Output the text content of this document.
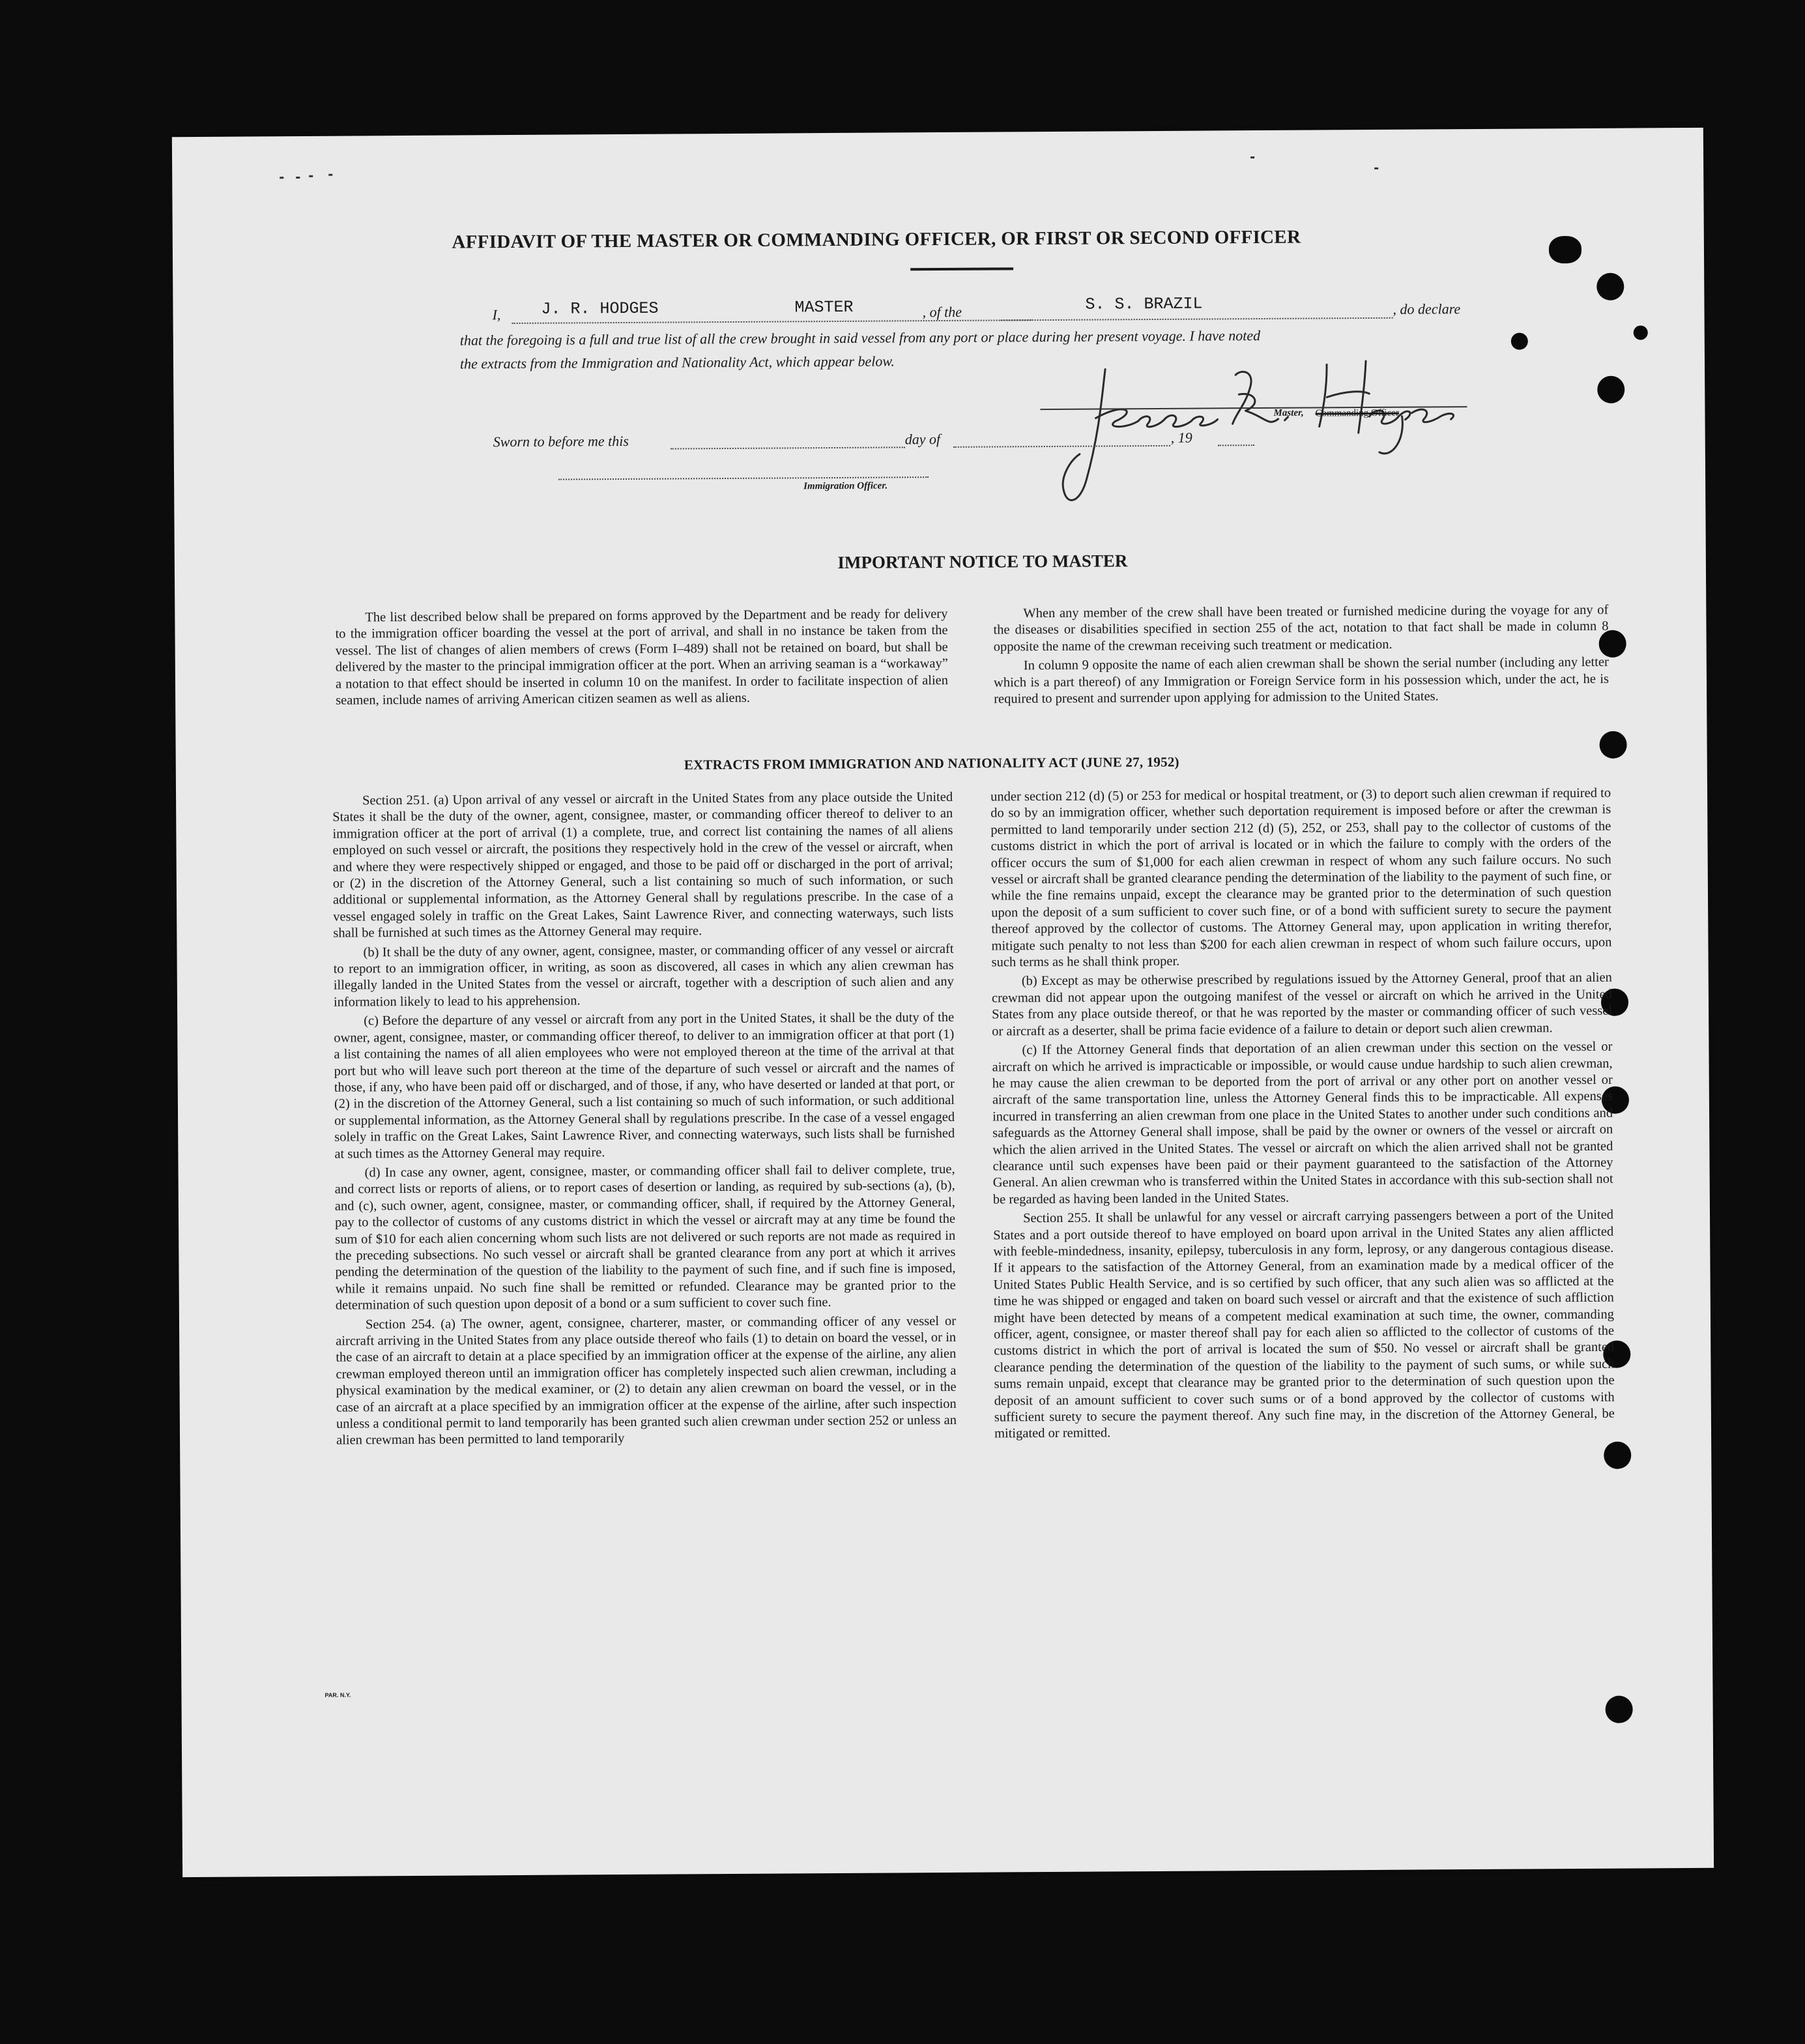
AFFIDAVIT OF THE MASTER OR COMMANDING OFFICER, OR FIRST OR SECOND OFFICER
I, J. R. HODGES	MASTER	, of the	S. S. BRAZIL	, do declare
that the foregoing is a full and true list of all the crew brought in said vessel from any port or place during her present voyage. I have noted
the extracts from the Immigration and Nationality Act, which appear below.
Master, Commanding Officer
Sworn to before me this	day of	, 19
Immigration Officer.
IMPORTANT NOTICE TO MASTER

The list described below shall be prepared on forms approved by the Department and be ready for delivery to the immigration officer boarding the vessel at the port of arrival, and shall in no instance be taken from the vessel. The list of changes of alien members of crews (Form I–489) shall not be retained on board, but shall be delivered by the master to the principal immigration officer at the port. When an arriving seaman is a “workaway” a notation to that effect should be inserted in column 10 on the manifest. In order to facilitate inspection of alien seamen, include names of arriving American citizen seamen as well as aliens.

When any member of the crew shall have been treated or furnished medicine during the voyage for any of the diseases or disabilities specified in section 255 of the act, notation to that fact shall be made in column 8 opposite the name of the crewman receiving such treatment or medication.

In column 9 opposite the name of each alien crewman shall be shown the serial number (including any letter which is a part thereof) of any Immigration or Foreign Service form in his possession which, under the act, he is required to present and surrender upon applying for admission to the United States.

EXTRACTS FROM IMMIGRATION AND NATIONALITY ACT (JUNE 27, 1952)

Section 251. (a) Upon arrival of any vessel or aircraft in the United States from any place outside the United States it shall be the duty of the owner, agent, consignee, master, or commanding officer thereof to deliver to an immigration officer at the port of arrival (1) a complete, true, and correct list containing the names of all aliens employed on such vessel or aircraft, the positions they respectively hold in the crew of the vessel or aircraft, when and where they were respectively shipped or engaged, and those to be paid off or discharged in the port of arrival; or (2) in the discretion of the Attorney General, such a list containing so much of such information, or such additional or supplemental information, as the Attorney General shall by regulations prescribe. In the case of a vessel engaged solely in traffic on the Great Lakes, Saint Lawrence River, and connecting waterways, such lists shall be furnished at such times as the Attorney General may require.

(b) It shall be the duty of any owner, agent, consignee, master, or commanding officer of any vessel or aircraft to report to an immigration officer, in writing, as soon as discovered, all cases in which any alien crewman has illegally landed in the United States from the vessel or aircraft, together with a description of such alien and any information likely to lead to his apprehension.

(c) Before the departure of any vessel or aircraft from any port in the United States, it shall be the duty of the owner, agent, consignee, master, or commanding officer thereof, to deliver to an immigration officer at that port (1) a list containing the names of all alien employees who were not employed thereon at the time of the arrival at that port but who will leave such port thereon at the time of the departure of such vessel or aircraft and the names of those, if any, who have been paid off or discharged, and of those, if any, who have deserted or landed at that port, or (2) in the discretion of the Attorney General, such a list containing so much of such information, or such additional or supplemental information, as the Attorney General shall by regulations prescribe. In the case of a vessel engaged solely in traffic on the Great Lakes, Saint Lawrence River, and connecting waterways, such lists shall be furnished at such times as the Attorney General may require.

(d) In case any owner, agent, consignee, master, or commanding officer shall fail to deliver complete, true, and correct lists or reports of aliens, or to report cases of desertion or landing, as required by sub-sections (a), (b), and (c), such owner, agent, consignee, master, or commanding officer, shall, if required by the Attorney General, pay to the collector of customs of any customs district in which the vessel or aircraft may at any time be found the sum of $10 for each alien concerning whom such lists are not delivered or such reports are not made as required in the preceding subsections. No such vessel or aircraft shall be granted clearance from any port at which it arrives pending the determination of the question of the liability to the payment of such fine, and if such fine is imposed, while it remains unpaid. No such fine shall be remitted or refunded. Clearance may be granted prior to the determination of such question upon deposit of a bond or a sum sufficient to cover such fine.

Section 254. (a) The owner, agent, consignee, charterer, master, or commanding officer of any vessel or aircraft arriving in the United States from any place outside thereof who fails (1) to detain on board the vessel, or in the case of an aircraft to detain at a place specified by an immigration officer at the expense of the airline, any alien crewman employed thereon until an immigration officer has completely inspected such alien crewman, including a physical examination by the medical examiner, or (2) to detain any alien crewman on board the vessel, or in the case of an aircraft at a place specified by an immigration officer at the expense of the airline, after such inspection unless a conditional permit to land temporarily has been granted such alien crewman under section 252 or unless an alien crewman has been permitted to land temporarily

under section 212 (d) (5) or 253 for medical or hospital treatment, or (3) to deport such alien crewman if required to do so by an immigration officer, whether such deportation requirement is imposed before or after the crewman is permitted to land temporarily under section 212 (d) (5), 252, or 253, shall pay to the collector of customs of the customs district in which the port of arrival is located or in which the failure to comply with the orders of the officer occurs the sum of $1,000 for each alien crewman in respect of whom any such failure occurs. No such vessel or aircraft shall be granted clearance pending the determination of the liability to the payment of such fine, or while the fine remains unpaid, except the clearance may be granted prior to the determination of such question upon the deposit of a sum sufficient to cover such fine, or of a bond with sufficient surety to secure the payment thereof approved by the collector of customs. The Attorney General may, upon application in writing therefor, mitigate such penalty to not less than $200 for each alien crewman in respect of whom such failure occurs, upon such terms as he shall think proper.

(b) Except as may be otherwise prescribed by regulations issued by the Attorney General, proof that an alien crewman did not appear upon the outgoing manifest of the vessel or aircraft on which he arrived in the United States from any place outside thereof, or that he was reported by the master or commanding officer of such vessel or aircraft as a deserter, shall be prima facie evidence of a failure to detain or deport such alien crewman.

(c) If the Attorney General finds that deportation of an alien crewman under this section on the vessel or aircraft on which he arrived is impracticable or impossible, or would cause undue hardship to such alien crewman, he may cause the alien crewman to be deported from the port of arrival or any other port on another vessel or aircraft of the same transportation line, unless the Attorney General finds this to be impracticable. All expenses incurred in transferring an alien crewman from one place in the United States to another under such conditions and safeguards as the Attorney General shall impose, shall be paid by the owner or owners of the vessel or aircraft on which the alien arrived in the United States. The vessel or aircraft on which the alien arrived shall not be granted clearance until such expenses have been paid or their payment guaranteed to the satisfaction of the Attorney General. An alien crewman who is transferred within the United States in accordance with this sub-section shall not be regarded as having been landed in the United States.

Section 255. It shall be unlawful for any vessel or aircraft carrying passengers between a port of the United States and a port outside thereof to have employed on board upon arrival in the United States any alien afflicted with feeble-mindedness, insanity, epilepsy, tuberculosis in any form, leprosy, or any dangerous contagious disease. If it appears to the satisfaction of the Attorney General, from an examination made by a medical officer of the United States Public Health Service, and is so certified by such officer, that any such alien was so afflicted at the time he was shipped or engaged and taken on board such vessel or aircraft and that the existence of such affliction might have been detected by means of a competent medical examination at such time, the owner, commanding officer, agent, consignee, or master thereof shall pay for each alien so afflicted to the collector of customs of the customs district in which the port of arrival is located the sum of $50. No vessel or aircraft shall be granted clearance pending the determination of the question of the liability to the payment of such sums, or while such sums remain unpaid, except that clearance may be granted prior to the determination of such question upon the deposit of an amount sufficient to cover such sums or of a bond approved by the collector of customs with sufficient surety to secure the payment thereof. Any such fine may, in the discretion of the Attorney General, be mitigated or remitted.

PAR. N.Y.
